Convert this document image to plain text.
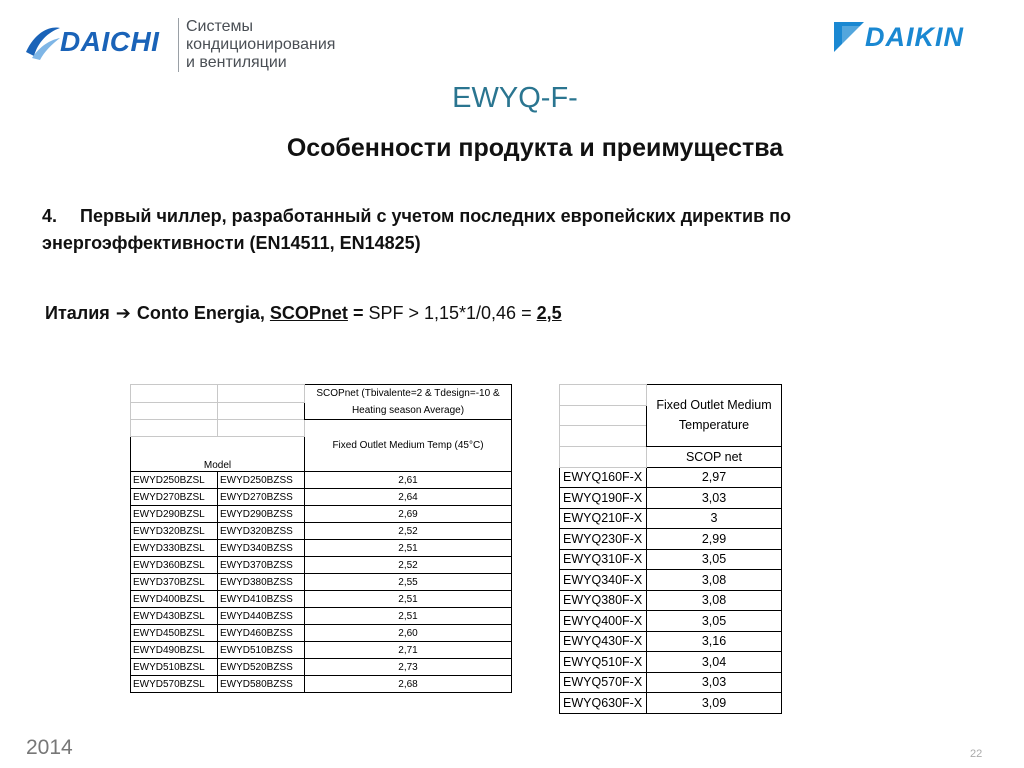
DAICHI Системы
кондиционирования
и вентиляции
DAIKIN
EWYQ-F-
Особенности продукта и преимущества
4. Первый чиллер, разработанный с учетом последних европейских директив по энергоэффективности (EN14511, EN14825)
Италия ➔ Conto Energia, SCOPnet = SPF > 1,15*1/0,46 = 2,5
		SCOPnet (Tbivalente=2 & Tdesign=-10 & Heating season Average)

		Fixed Outlet Medium Temp (45°C)
Model		
EWYD250BZSL	EWYD250BZSS	2,61
EWYD270BZSL	EWYD270BZSS	2,64
EWYD290BZSL	EWYD290BZSS	2,69
EWYD320BZSL	EWYD320BZSS	2,52
EWYD330BZSL	EWYD340BZSS	2,51
EWYD360BZSL	EWYD370BZSS	2,52
EWYD370BZSL	EWYD380BZSS	2,55
EWYD400BZSL	EWYD410BZSS	2,51
EWYD430BZSL	EWYD440BZSS	2,51
EWYD450BZSL	EWYD460BZSS	2,60
EWYD490BZSL	EWYD510BZSS	2,71
EWYD510BZSL	EWYD520BZSS	2,73
EWYD570BZSL	EWYD580BZSS	2,68
	Fixed Outlet Medium Temperature

	SCOP net
EWYQ160F-X	2,97
EWYQ190F-X	3,03
EWYQ210F-X	3
EWYQ230F-X	2,99
EWYQ310F-X	3,05
EWYQ340F-X	3,08
EWYQ380F-X	3,08
EWYQ400F-X	3,05
EWYQ430F-X	3,16
EWYQ510F-X	3,04
EWYQ570F-X	3,03
EWYQ630F-X	3,09
2014	22
